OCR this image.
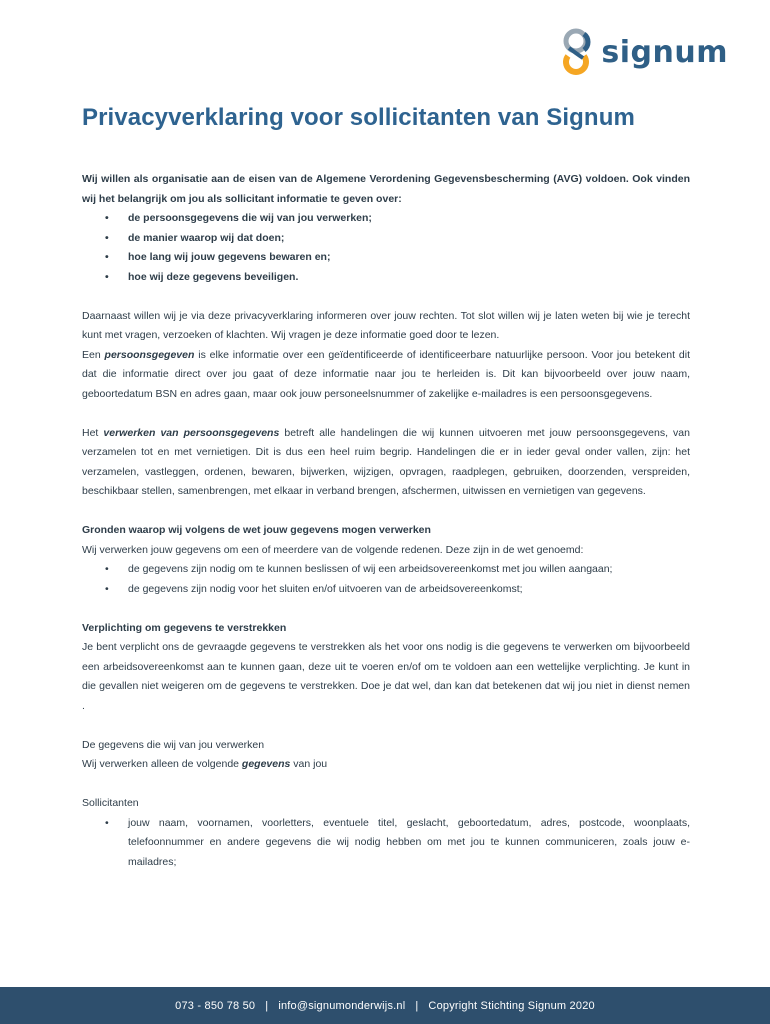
signum
Privacyverklaring voor sollicitanten van Signum

Wij willen als organisatie aan de eisen van de Algemene Verordening Gegevensbescherming (AVG) voldoen. Ook vinden wij het belangrijk om jou als sollicitant informatie te geven over:

• de persoonsgegevens die wij van jou verwerken;
• de manier waarop wij dat doen;
• hoe lang wij jouw gegevens bewaren en;
• hoe wij deze gegevens beveiligen.

Daarnaast willen wij je via deze privacyverklaring informeren over jouw rechten. Tot slot willen wij je laten weten bij wie je terecht kunt met vragen, verzoeken of klachten. Wij vragen je deze informatie goed door te lezen.

Een persoonsgegeven is elke informatie over een geïdentificeerde of identificeerbare natuurlijke persoon. Voor jou betekent dit dat die informatie direct over jou gaat of deze informatie naar jou te herleiden is. Dit kan bijvoorbeeld over jouw naam, geboortedatum BSN en adres gaan, maar ook jouw personeelsnummer of zakelijke e-mailadres is een persoonsgegevens.

Het verwerken van persoonsgegevens betreft alle handelingen die wij kunnen uitvoeren met jouw persoonsgegevens, van verzamelen tot en met vernietigen. Dit is dus een heel ruim begrip. Handelingen die er in ieder geval onder vallen, zijn: het verzamelen, vastleggen, ordenen, bewaren, bijwerken, wijzigen, opvragen, raadplegen, gebruiken, doorzenden, verspreiden, beschikbaar stellen, samenbrengen, met elkaar in verband brengen, afschermen, uitwissen en vernietigen van gegevens.

Gronden waarop wij volgens de wet jouw gegevens mogen verwerken

Wij verwerken jouw gegevens om een of meerdere van de volgende redenen. Deze zijn in de wet genoemd:

• de gegevens zijn nodig om te kunnen beslissen of wij een arbeidsovereenkomst met jou willen aangaan;
• de gegevens zijn nodig voor het sluiten en/of uitvoeren van de arbeidsovereenkomst;

Verplichting om gegevens te verstrekken

Je bent verplicht ons de gevraagde gegevens te verstrekken als het voor ons nodig is die gegevens te verwerken om bijvoorbeeld een arbeidsovereenkomst aan te kunnen gaan, deze uit te voeren en/of om te voldoen aan een wettelijke verplichting. Je kunt in die gevallen niet weigeren om de gegevens te verstrekken. Doe je dat wel, dan kan dat betekenen dat wij jou niet in dienst nemen .

De gegevens die wij van jou verwerken

Wij verwerken alleen de volgende gegevens van jou

Sollicitanten

• jouw naam, voornamen, voorletters, eventuele titel, geslacht, geboortedatum, adres, postcode, woonplaats, telefoonnummer en andere gegevens die wij nodig hebben om met jou te kunnen communiceren, zoals jouw e-mailadres;
073 - 850 78 50 | info@signumonderwijs.nl | Copyright Stichting Signum 2020
